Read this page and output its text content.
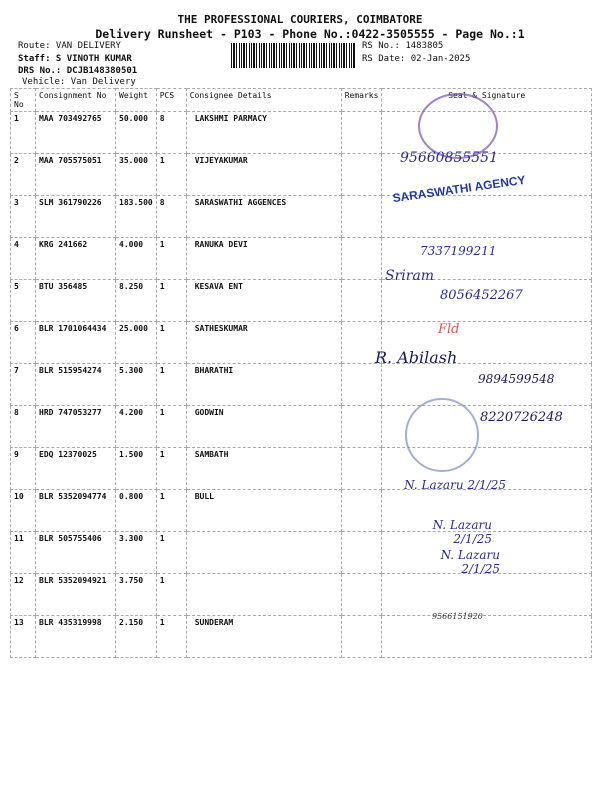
THE PROFESSIONAL COURIERS, COIMBATORE
Delivery Runsheet - P103 - Phone No.:0422-3505555 - Page No.:1
Route: VAN DELIVERY
Staff: S VINOTH KUMAR
DRS No.: DCJB148380501
Vehicle: Van Delivery
RS No.: 1483805
RS Date: 02-Jan-2025
S No	Consignment No	Weight	PCS	Consignee Details	Remarks	Seal & Signature
1	MAA 703492765	50.000	8	LAKSHMI PARMACY		
2	MAA 705575051	35.000	1	VIJEYAKUMAR		
3	SLM 361790226	183.500	8	SARASWATHI AGGENCES		
4	KRG 241662	4.000	1	RANUKA DEVI		
5	BTU 356485	8.250	1	KESAVA ENT		
6	BLR 1701064434	25.000	1	SATHESKUMAR		
7	BLR 515954274	5.300	1	BHARATHI		
8	HRD 747053277	4.200	1	GODWIN		
9	EDQ 12370025	1.500	1	SAMBATH		
10	BLR 5352094774	0.800	1	BULL		
11	BLR 505755406	3.300	1			
12	BLR 5352094921	3.750	1			
13	BLR 435319998	2.150	1	SUNDERAM		
95660855551
SARASWATHI AGENCY
7337199211
Sriram
8056452267
Fld
R. Abilash
9894599548
8220726248
N. Lazaru 2/1/25
N. Lazaru 2/1/25
N. Lazaru 2/1/25
9566151920
